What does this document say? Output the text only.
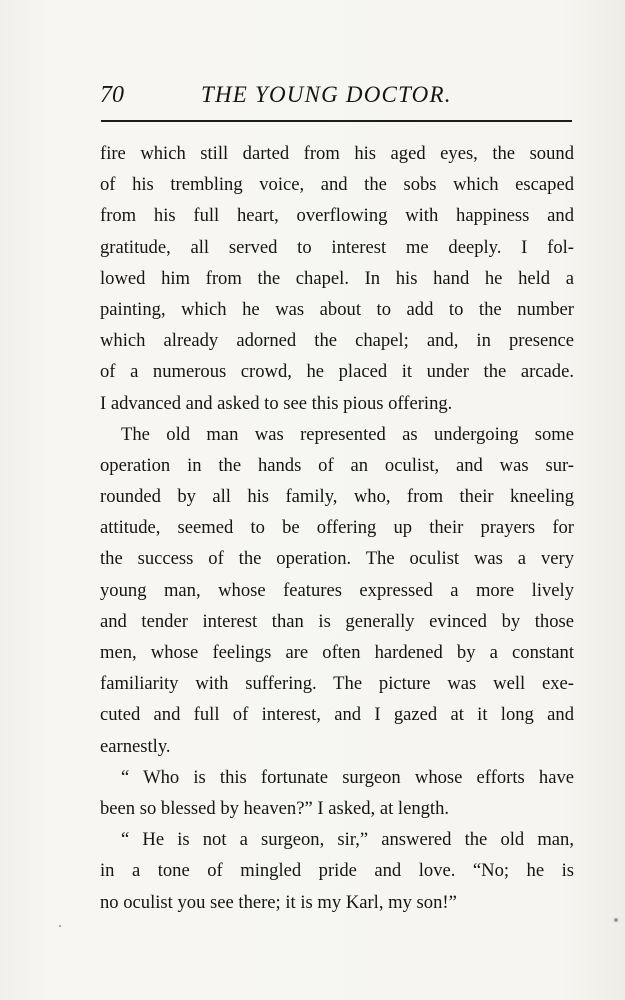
70	THE YOUNG DOCTOR.
fire which still darted from his aged eyes, the sound
of his trembling voice, and the sobs which escaped
from his full heart, overflowing with happiness and
gratitude, all served to interest me deeply. I fol-
lowed him from the chapel. In his hand he held a
painting, which he was about to add to the number
which already adorned the chapel; and, in presence
of a numerous crowd, he placed it under the arcade.
I advanced and asked to see this pious offering.
The old man was represented as undergoing some
operation in the hands of an oculist, and was sur-
rounded by all his family, who, from their kneeling
attitude, seemed to be offering up their prayers for
the success of the operation. The oculist was a very
young man, whose features expressed a more lively
and tender interest than is generally evinced by those
men, whose feelings are often hardened by a constant
familiarity with suffering. The picture was well exe-
cuted and full of interest, and I gazed at it long and
earnestly.
“ Who is this fortunate surgeon whose efforts have
been so blessed by heaven?” I asked, at length.
“ He is not a surgeon, sir,” answered the old man,
in a tone of mingled pride and love. “No; he is
no oculist you see there; it is my Karl, my son!”
